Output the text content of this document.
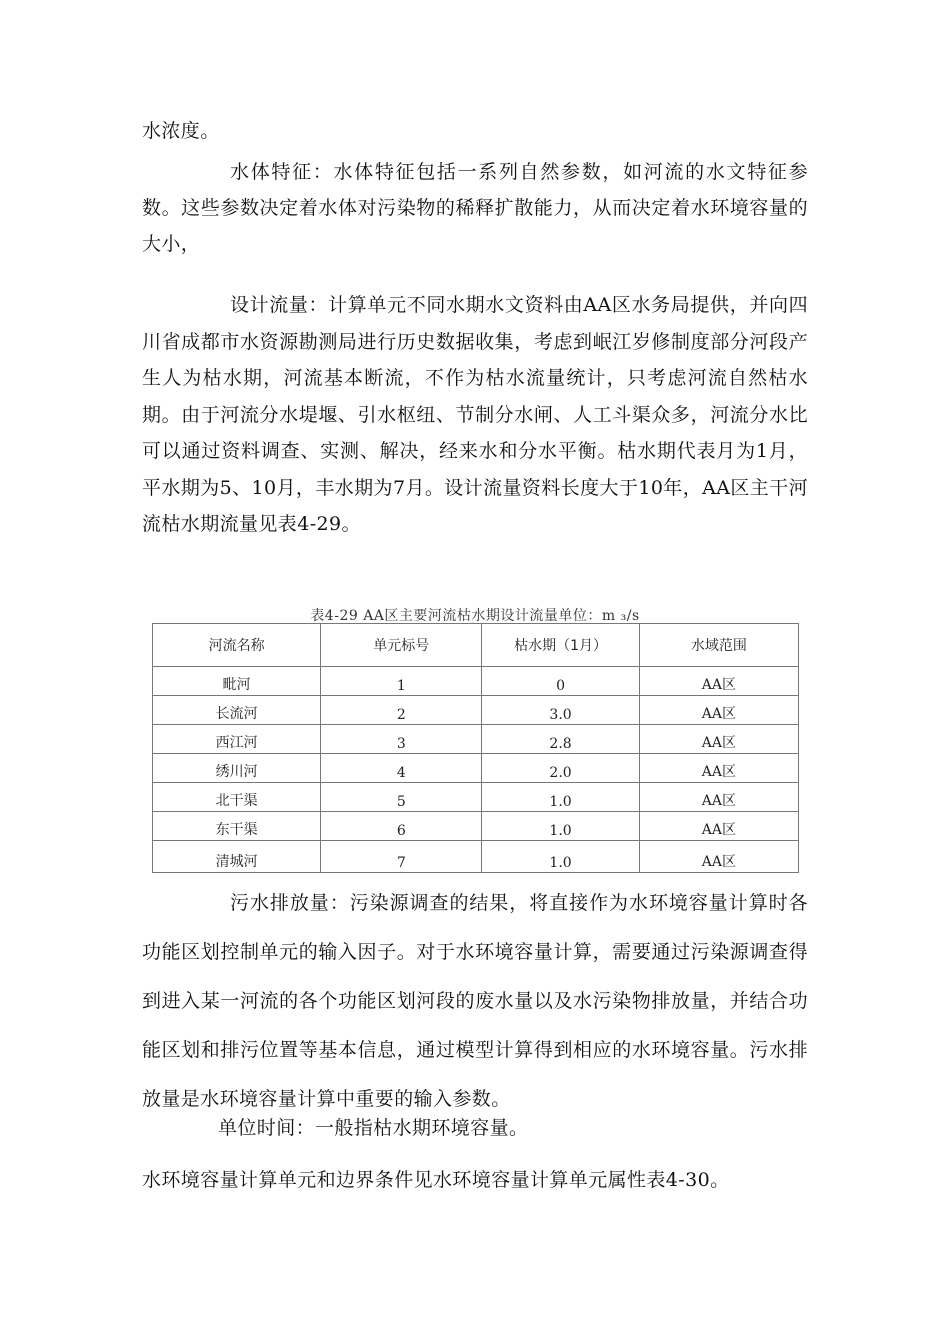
水浓度。

水体特征：水体特征包括一系列自然参数，如河流的水文特征参数。这些参数决定着水体对污染物的稀释扩散能力，从而决定着水环境容量的大小，

设计流量：计算单元不同水期水文资料由AA区水务局提供，并向四川省成都市水资源勘测局进行历史数据收集，考虑到岷江岁修制度部分河段产生人为枯水期，河流基本断流，不作为枯水流量统计，只考虑河流自然枯水期。由于河流分水堤堰、引水枢纽、节制分水闸、人工斗渠众多，河流分水比可以通过资料调查、实测、解决，经来水和分水平衡。枯水期代表月为1月，平水期为5、10月，丰水期为7月。设计流量资料长度大于10年，AA区主干河流枯水期流量见表4-29。

表4-29 AA区主要河流枯水期设计流量单位：m ₃/s
河流名称	单元标号	枯水期（1月）	水域范围
毗河	1	0	AA区
长流河	2	3.0	AA区
西江河	3	2.8	AA区
绣川河	4	2.0	AA区
北干渠	5	1.0	AA区
东干渠	6	1.0	AA区
清城河	7	1.0	AA区

污水排放量：污染源调查的结果，将直接作为水环境容量计算时各功能区划控制单元的输入因子。对于水环境容量计算，需要通过污染源调查得到进入某一河流的各个功能区划河段的废水量以及水污染物排放量，并结合功能区划和排污位置等基本信息，通过模型计算得到相应的水环境容量。污水排放量是水环境容量计算中重要的输入参数。

单位时间：一般指枯水期环境容量。

水环境容量计算单元和边界条件见水环境容量计算单元属性表4-30。
